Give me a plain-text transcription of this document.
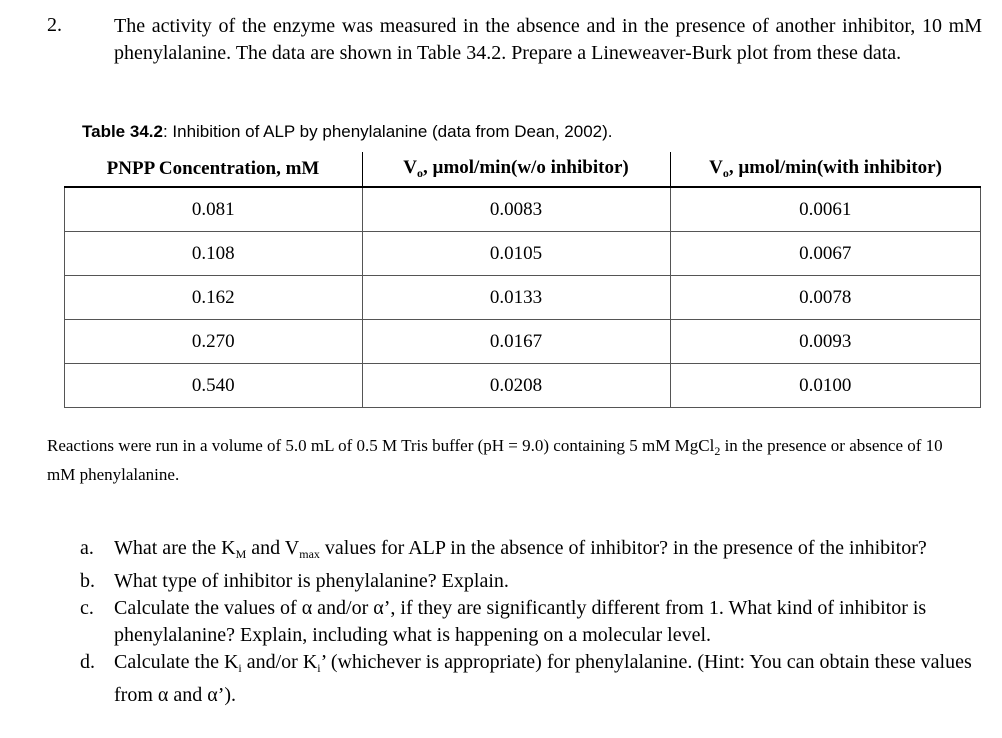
2.	The activity of the enzyme was measured in the absence and in the presence of another inhibitor, 10 mM phenylalanine. The data are shown in Table 34.2. Prepare a Lineweaver-Burk plot from these data.
Table 34.2: Inhibition of ALP by phenylalanine (data from Dean, 2002).
PNPP Concentration, mM	$V_o$, µmol/min(w/o inhibitor)	$V_o$, µmol/min(with inhibitor)
0.081	0.0083	0.0061
0.108	0.0105	0.0067
0.162	0.0133	0.0078
0.270	0.0167	0.0093
0.540	0.0208	0.0100
Reactions were run in a volume of 5.0 mL of 0.5 M Tris buffer (pH = 9.0) containing 5 mM MgCl$_2$ in the presence or absence of 10 mM phenylalanine.
a. What are the $K_M$ and $V_{max}$ values for ALP in the absence of inhibitor? in the presence of the inhibitor?
b. What type of inhibitor is phenylalanine? Explain.
c. Calculate the values of α and/or α’, if they are significantly different from 1. What kind of inhibitor is phenylalanine? Explain, including what is happening on a molecular level.
d. Calculate the $K_i$ and/or $K_i$’ (whichever is appropriate) for phenylalanine. (Hint: You can obtain these values from α and α’).
